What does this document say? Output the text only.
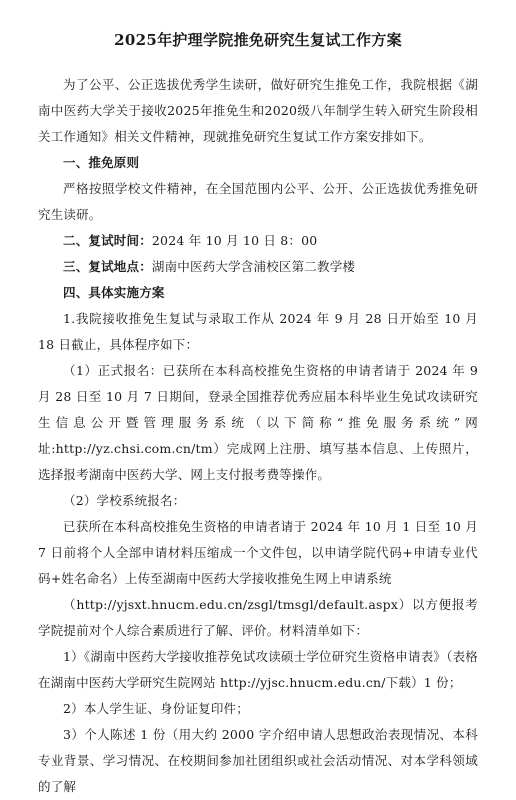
2025年护理学院推免研究生复试工作方案

为了公平、公正选拔优秀学生读研，做好研究生推免工作，我院根据《湖南中医药大学关于接收2025年推免生和2020级八年制学生转入研究生阶段相关工作通知》相关文件精神，现就推免研究生复试工作方案安排如下。

一、推免原则

严格按照学校文件精神，在全国范围内公平、公开、公正选拔优秀推免研究生读研。

二、复试时间：2024 年 10 月 10 日 8：00

三、复试地点：湖南中医药大学含浦校区第二教学楼

四、具体实施方案

1.我院接收推免生复试与录取工作从 2024 年 9 月 28 日开始至 10 月 18 日截止，具体程序如下：

（1）正式报名：已获所在本科高校推免生资格的申请者请于 2024 年 9 月 28 日至 10 月 7 日期间，登录全国推荐优秀应届本科毕业生免试攻读研究生信息公开暨管理服务系统（以下简称“推免服务系统”网址:http://yz.chsi.com.cn/tm）完成网上注册、填写基本信息、上传照片，选择报考湖南中医药大学、网上支付报考费等操作。

（2）学校系统报名：

已获所在本科高校推免生资格的申请者请于 2024 年 10 月 1 日至 10 月 7 日前将个人全部申请材料压缩成一个文件包，以申请学院代码+申请专业代码+姓名命名）上传至湖南中医药大学接收推免生网上申请系统

（http://yjsxt.hnucm.edu.cn/zsgl/tmsgl/default.aspx）以方便报考学院提前对个人综合素质进行了解、评价。材料清单如下：

1）《湖南中医药大学接收推荐免试攻读硕士学位研究生资格申请表》（表格在湖南中医药大学研究生院网站 http://yjsc.hnucm.edu.cn/下载）1 份；

2）本人学生证、身份证复印件；

3）个人陈述 1 份（用大约 2000 字介绍申请人思想政治表现情况、本科专业背景、学习情况、在校期间参加社团组织或社会活动情况、对本学科领域的了解
